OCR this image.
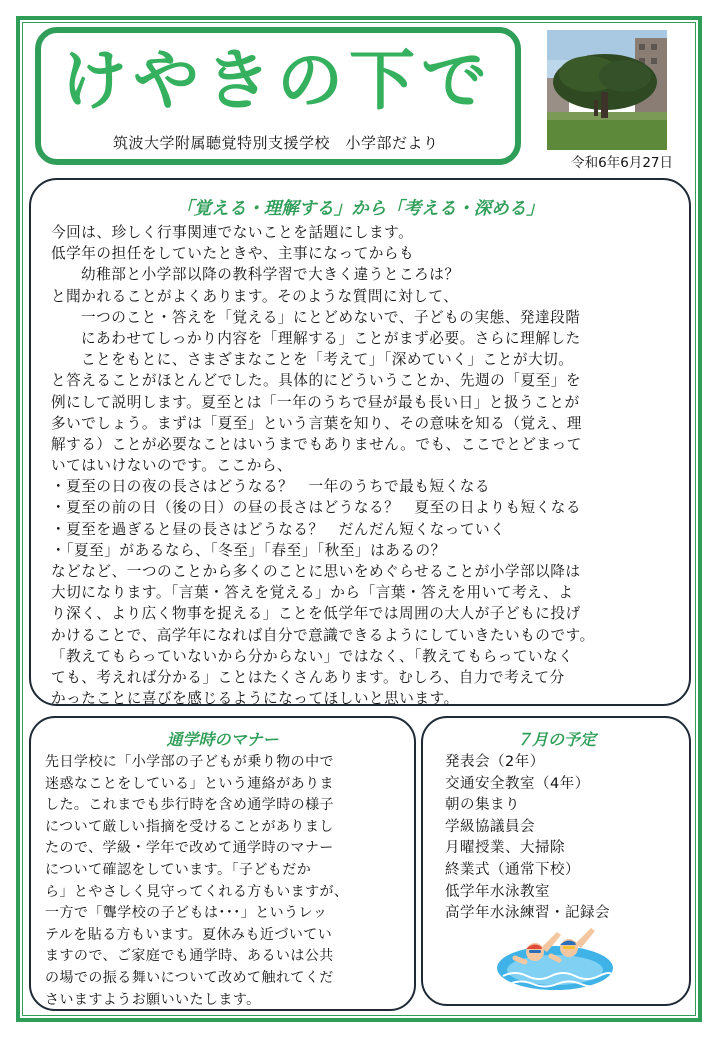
けやきの下で
筑波大学附属聴覚特別支援学校　小学部だより
令和6年6月27日
「覚える・理解する」から「考える・深める」
今回は、珍しく行事関連でないことを話題にします。
低学年の担任をしていたときや、主事になってからも
幼稚部と小学部以降の教科学習で大きく違うところは？
と聞かれることがよくあります。そのような質問に対して、
一つのこと・答えを「覚える」にとどめないで、子どもの実態、発達段階
にあわせてしっかり内容を「理解する」ことがまず必要。さらに理解した
ことをもとに、さまざまなことを「考えて」「深めていく」ことが大切。
と答えることがほとんどでした。具体的にどういうことか、先週の「夏至」を
例にして説明します。夏至とは「一年のうちで昼が最も長い日」と扱うことが
多いでしょう。まずは「夏至」という言葉を知り、その意味を知る（覚え、理
解する）ことが必要なことはいうまでもありません。でも、ここでとどまって
いてはいけないのです。ここから、
・夏至の日の夜の長さはどうなる？　一年のうちで最も短くなる
・夏至の前の日（後の日）の昼の長さはどうなる？　夏至の日よりも短くなる
・夏至を過ぎると昼の長さはどうなる？　だんだん短くなっていく
・「夏至」があるなら、「冬至」「春至」「秋至」はあるの？
などなど、一つのことから多くのことに思いをめぐらせることが小学部以降は
大切になります。「言葉・答えを覚える」から「言葉・答えを用いて考え、よ
り深く、より広く物事を捉える」ことを低学年では周囲の大人が子どもに投げ
かけることで、高学年になれば自分で意識できるようにしていきたいものです。
「教えてもらっていないから分からない」ではなく、「教えてもらっていなく
ても、考えれば分かる」ことはたくさんあります。むしろ、自力で考えて分
かったことに喜びを感じるようになってほしいと思います。
通学時のマナー
先日学校に「小学部の子どもが乗り物の中で
迷惑なことをしている」という連絡がありま
した。これまでも歩行時を含め通学時の様子
について厳しい指摘を受けることがありまし
たので、学級・学年で改めて通学時のマナー
について確認をしています。「子どもだか
ら」とやさしく見守ってくれる方もいますが、
一方で「聾学校の子どもは･･･」というレッ
テルを貼る方もいます。夏休みも近づいてい
ますので、ご家庭でも通学時、あるいは公共
の場での振る舞いについて改めて触れてくだ
さいますようお願いいたします。
７月の予定
発表会（2年）
交通安全教室（4年）
朝の集まり
学級協議員会
月曜授業、大掃除
終業式（通常下校）
低学年水泳教室
高学年水泳練習・記録会
